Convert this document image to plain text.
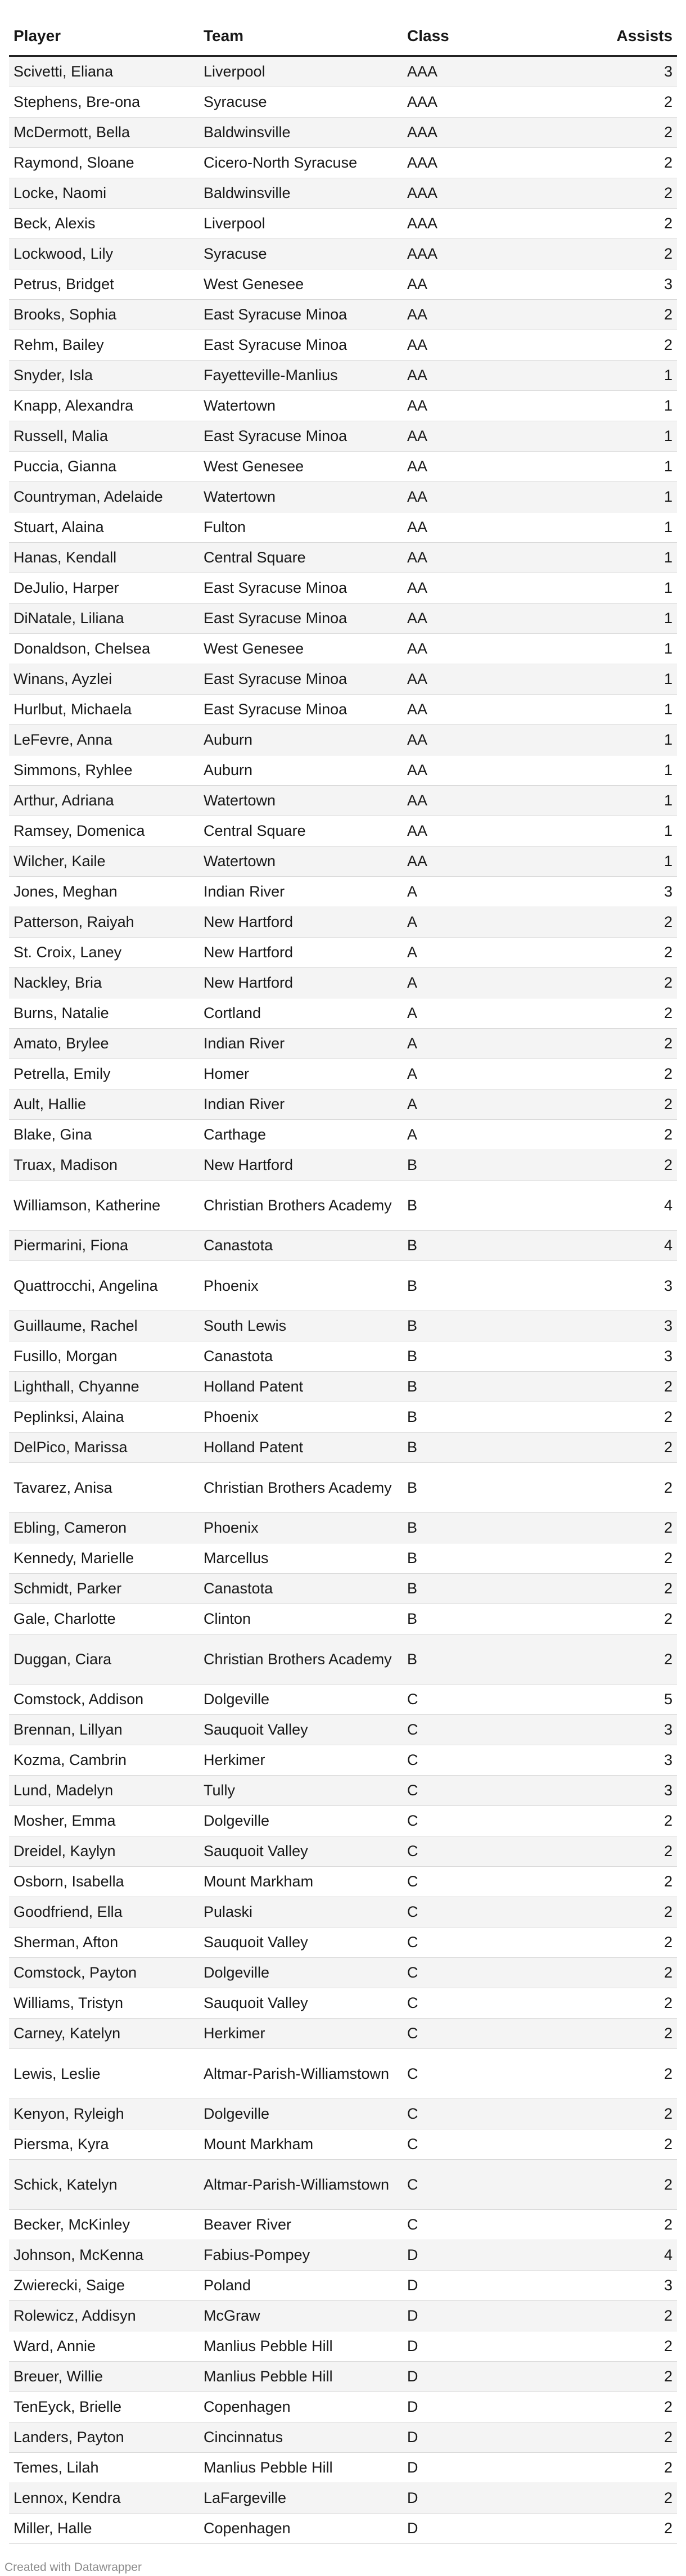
Player	Team	Class	Assists
Scivetti, Eliana	Liverpool	AAA	3
Stephens, Bre-ona	Syracuse	AAA	2
McDermott, Bella	Baldwinsville	AAA	2
Raymond, Sloane	Cicero-North Syracuse	AAA	2
Locke, Naomi	Baldwinsville	AAA	2
Beck, Alexis	Liverpool	AAA	2
Lockwood, Lily	Syracuse	AAA	2
Petrus, Bridget	West Genesee	AA	3
Brooks, Sophia	East Syracuse Minoa	AA	2
Rehm, Bailey	East Syracuse Minoa	AA	2
Snyder, Isla	Fayetteville-Manlius	AA	1
Knapp, Alexandra	Watertown	AA	1
Russell, Malia	East Syracuse Minoa	AA	1
Puccia, Gianna	West Genesee	AA	1
Countryman, Adelaide	Watertown	AA	1
Stuart, Alaina	Fulton	AA	1
Hanas, Kendall	Central Square	AA	1
DeJulio, Harper	East Syracuse Minoa	AA	1
DiNatale, Liliana	East Syracuse Minoa	AA	1
Donaldson, Chelsea	West Genesee	AA	1
Winans, Ayzlei	East Syracuse Minoa	AA	1
Hurlbut, Michaela	East Syracuse Minoa	AA	1
LeFevre, Anna	Auburn	AA	1
Simmons, Ryhlee	Auburn	AA	1
Arthur, Adriana	Watertown	AA	1
Ramsey, Domenica	Central Square	AA	1
Wilcher, Kaile	Watertown	AA	1
Jones, Meghan	Indian River	A	3
Patterson, Raiyah	New Hartford	A	2
St. Croix, Laney	New Hartford	A	2
Nackley, Bria	New Hartford	A	2
Burns, Natalie	Cortland	A	2
Amato, Brylee	Indian River	A	2
Petrella, Emily	Homer	A	2
Ault, Hallie	Indian River	A	2
Blake, Gina	Carthage	A	2
Truax, Madison	New Hartford	B	2
Williamson, Katherine	Christian Brothers Academy	B	4
Piermarini, Fiona	Canastota	B	4
Quattrocchi, Angelina	Phoenix	B	3
Guillaume, Rachel	South Lewis	B	3
Fusillo, Morgan	Canastota	B	3
Lighthall, Chyanne	Holland Patent	B	2
Peplinksi, Alaina	Phoenix	B	2
DelPico, Marissa	Holland Patent	B	2
Tavarez, Anisa	Christian Brothers Academy	B	2
Ebling, Cameron	Phoenix	B	2
Kennedy, Marielle	Marcellus	B	2
Schmidt, Parker	Canastota	B	2
Gale, Charlotte	Clinton	B	2
Duggan, Ciara	Christian Brothers Academy	B	2
Comstock, Addison	Dolgeville	C	5
Brennan, Lillyan	Sauquoit Valley	C	3
Kozma, Cambrin	Herkimer	C	3
Lund, Madelyn	Tully	C	3
Mosher, Emma	Dolgeville	C	2
Dreidel, Kaylyn	Sauquoit Valley	C	2
Osborn, Isabella	Mount Markham	C	2
Goodfriend, Ella	Pulaski	C	2
Sherman, Afton	Sauquoit Valley	C	2
Comstock, Payton	Dolgeville	C	2
Williams, Tristyn	Sauquoit Valley	C	2
Carney, Katelyn	Herkimer	C	2
Lewis, Leslie	Altmar-Parish-Williamstown	C	2
Kenyon, Ryleigh	Dolgeville	C	2
Piersma, Kyra	Mount Markham	C	2
Schick, Katelyn	Altmar-Parish-Williamstown	C	2
Becker, McKinley	Beaver River	C	2
Johnson, McKenna	Fabius-Pompey	D	4
Zwierecki, Saige	Poland	D	3
Rolewicz, Addisyn	McGraw	D	2
Ward, Annie	Manlius Pebble Hill	D	2
Breuer, Willie	Manlius Pebble Hill	D	2
TenEyck, Brielle	Copenhagen	D	2
Landers, Payton	Cincinnatus	D	2
Temes, Lilah	Manlius Pebble Hill	D	2
Lennox, Kendra	LaFargeville	D	2
Miller, Halle	Copenhagen	D	2
Created with Datawrapper
